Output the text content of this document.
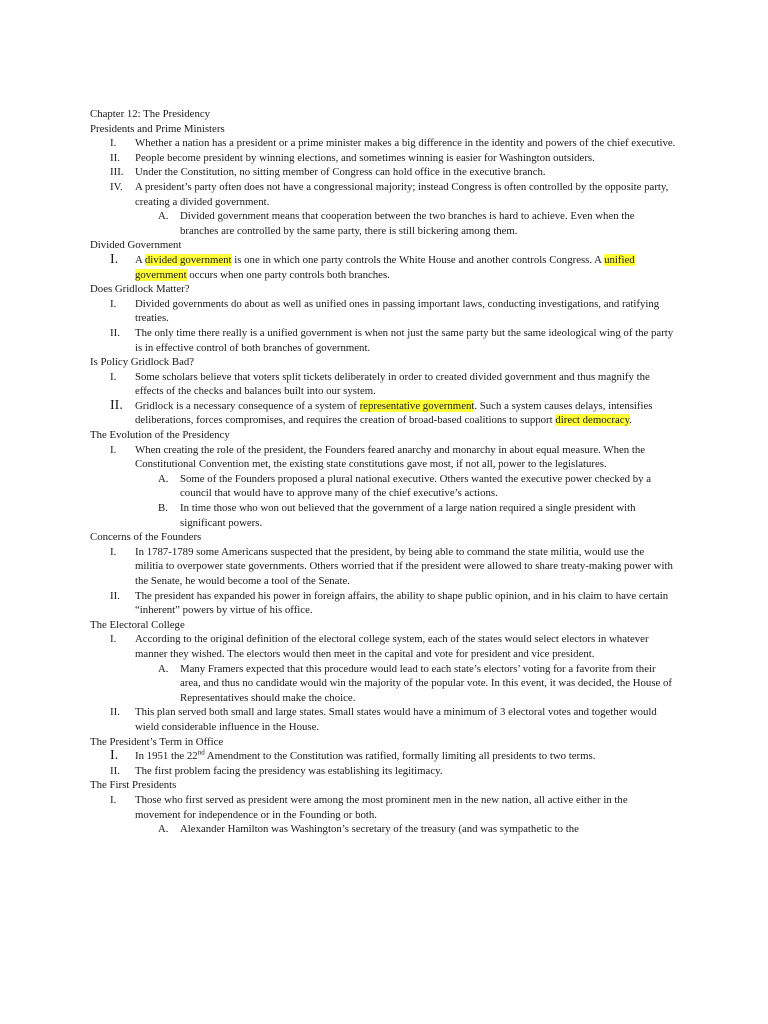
Chapter 12: The Presidency
Presidents and Prime Ministers
I.	Whether a nation has a president or a prime minister makes a big difference in the identity and powers of the chief executive.
II.	People become president by winning elections, and sometimes winning is easier for Washington outsiders.
III.	Under the Constitution, no sitting member of Congress can hold office in the executive branch.
IV.	A president’s party often does not have a congressional majority; instead Congress is often controlled by the opposite party, creating a divided government.
A.	Divided government means that cooperation between the two branches is hard to achieve. Even when the branches are controlled by the same party, there is still bickering among them.
Divided Government
I.	A divided government is one in which one party controls the White House and another controls Congress. A unified government occurs when one party controls both branches.
Does Gridlock Matter?
I.	Divided governments do about as well as unified ones in passing important laws, conducting investigations, and ratifying treaties.
II.	The only time there really is a unified government is when not just the same party but the same ideological wing of the party is in effective control of both branches of government.
Is Policy Gridlock Bad?
I.	Some scholars believe that voters split tickets deliberately in order to created divided government and thus magnify the effects of the checks and balances built into our system.
II.	Gridlock is a necessary consequence of a system of representative government. Such a system causes delays, intensifies deliberations, forces compromises, and requires the creation of broad-based coalitions to support direct democracy.
The Evolution of the Presidency
I.	When creating the role of the president, the Founders feared anarchy and monarchy in about equal measure. When the Constitutional Convention met, the existing state constitutions gave most, if not all, power to the legislatures.
A.	Some of the Founders proposed a plural national executive. Others wanted the executive power checked by a council that would have to approve many of the chief executive’s actions.
B.	In time those who won out believed that the government of a large nation required a single president with significant powers.
Concerns of the Founders
I.	In 1787-1789 some Americans suspected that the president, by being able to command the state militia, would use the militia to overpower state governments. Others worried that if the president were allowed to share treaty-making power with the Senate, he would become a tool of the Senate.
II.	The president has expanded his power in foreign affairs, the ability to shape public opinion, and in his claim to have certain “inherent” powers by virtue of his office.
The Electoral College
I.	According to the original definition of the electoral college system, each of the states would select electors in whatever manner they wished. The electors would then meet in the capital and vote for president and vice president.
A.	Many Framers expected that this procedure would lead to each state’s electors’ voting for a favorite from their area, and thus no candidate would win the majority of the popular vote. In this event, it was decided, the House of Representatives should make the choice.
II.	This plan served both small and large states. Small states would have a minimum of 3 electoral votes and together would wield considerable influence in the House.
The President’s Term in Office
I.	In 1951 the 22nd Amendment to the Constitution was ratified, formally limiting all presidents to two terms.
II.	The first problem facing the presidency was establishing its legitimacy.
The First Presidents
I.	Those who first served as president were among the most prominent men in the new nation, all active either in the movement for independence or in the Founding or both.
A.	Alexander Hamilton was Washington’s secretary of the treasury (and was sympathetic to the
